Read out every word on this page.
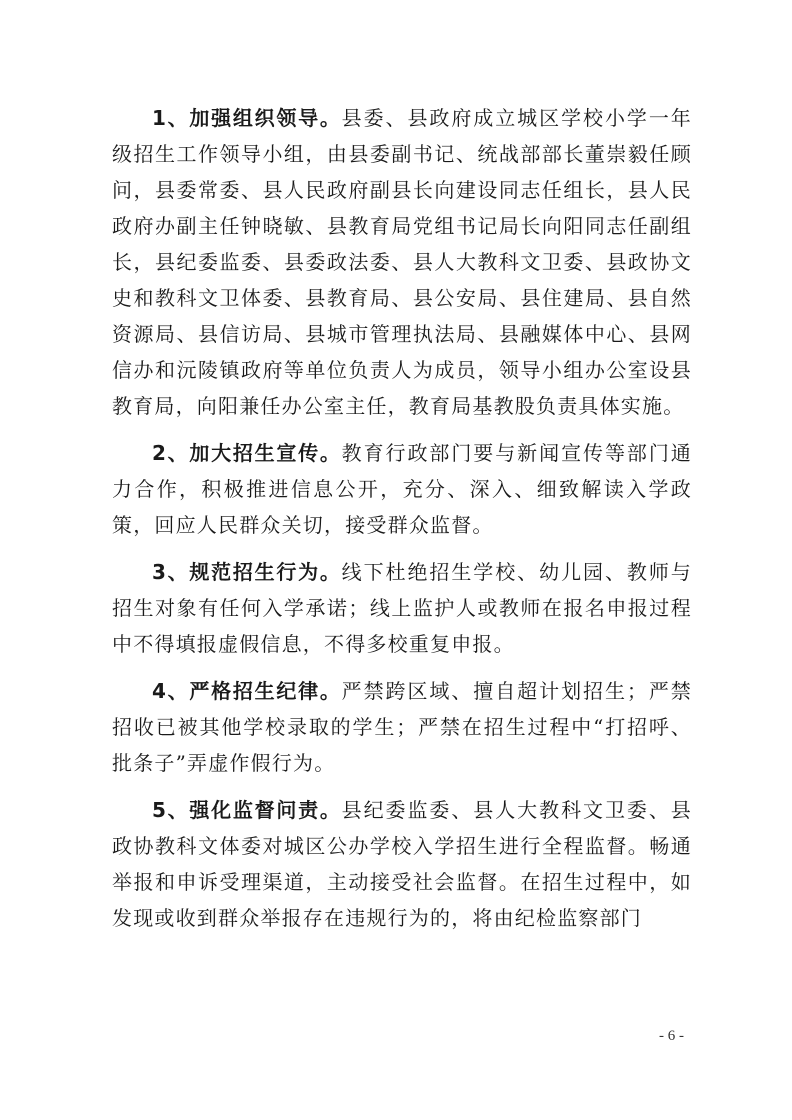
1、加强组织领导。县委、县政府成立城区学校小学一年级招生工作领导小组，由县委副书记、统战部部长董崇毅任顾问，县委常委、县人民政府副县长向建设同志任组长，县人民政府办副主任钟晓敏、县教育局党组书记局长向阳同志任副组长，县纪委监委、县委政法委、县人大教科文卫委、县政协文史和教科文卫体委、县教育局、县公安局、县住建局、县自然资源局、县信访局、县城市管理执法局、县融媒体中心、县网信办和沅陵镇政府等单位负责人为成员，领导小组办公室设县教育局，向阳兼任办公室主任，教育局基教股负责具体实施。

2、加大招生宣传。教育行政部门要与新闻宣传等部门通力合作，积极推进信息公开，充分、深入、细致解读入学政策，回应人民群众关切，接受群众监督。

3、规范招生行为。线下杜绝招生学校、幼儿园、教师与招生对象有任何入学承诺；线上监护人或教师在报名申报过程中不得填报虚假信息，不得多校重复申报。

4、严格招生纪律。严禁跨区域、擅自超计划招生；严禁招收已被其他学校录取的学生；严禁在招生过程中“打招呼、批条子”弄虚作假行为。

5、强化监督问责。县纪委监委、县人大教科文卫委、县政协教科文体委对城区公办学校入学招生进行全程监督。畅通举报和申诉受理渠道，主动接受社会监督。在招生过程中，如发现或收到群众举报存在违规行为的，将由纪检监察部门

- 6 -
